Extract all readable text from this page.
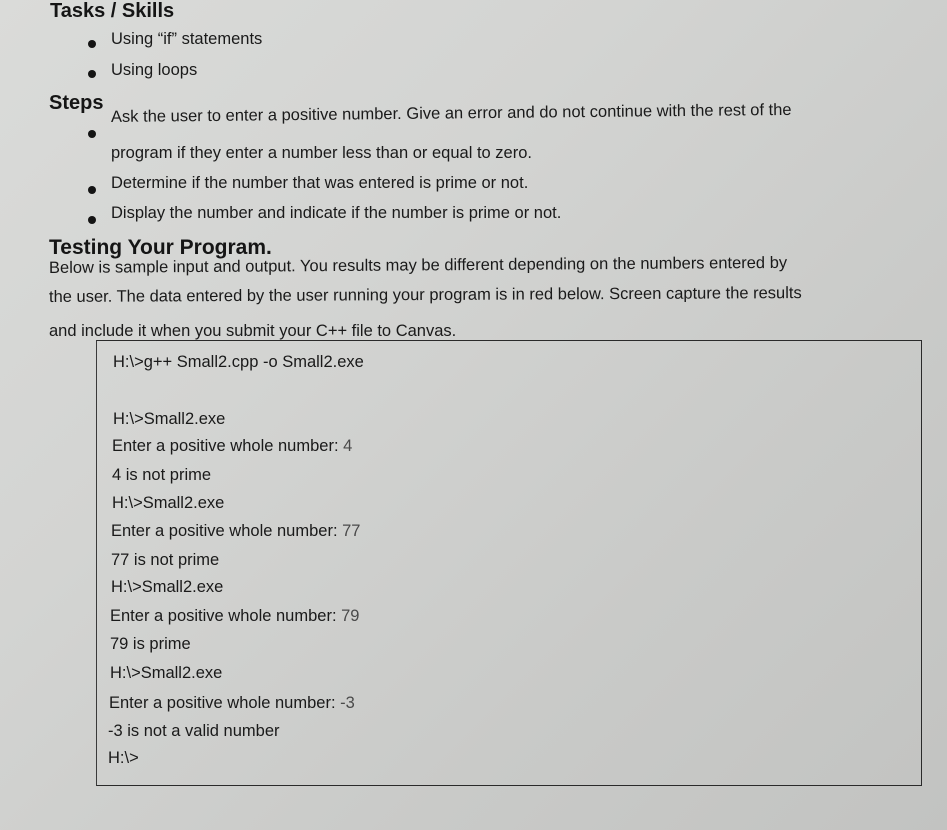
Tasks / Skills
Using “if” statements
Using loops
Steps Ask the user to enter a positive number. Give an error and do not continue with the rest of the
program if they enter a number less than or equal to zero.
Determine if the number that was entered is prime or not.
Display the number and indicate if the number is prime or not.
Testing Your Program.
Below is sample input and output. You results may be different depending on the numbers entered by
the user. The data entered by the user running your program is in red below. Screen capture the results
and include it when you submit your C++ file to Canvas.
H:\>g++ Small2.cpp -o Small2.exe
H:\>Small2.exe
Enter a positive whole number: 4
4 is not prime
H:\>Small2.exe
Enter a positive whole number: 77
77 is not prime
H:\>Small2.exe
Enter a positive whole number: 79
79 is prime
H:\>Small2.exe
Enter a positive whole number: -3
-3 is not a valid number
H:\>
